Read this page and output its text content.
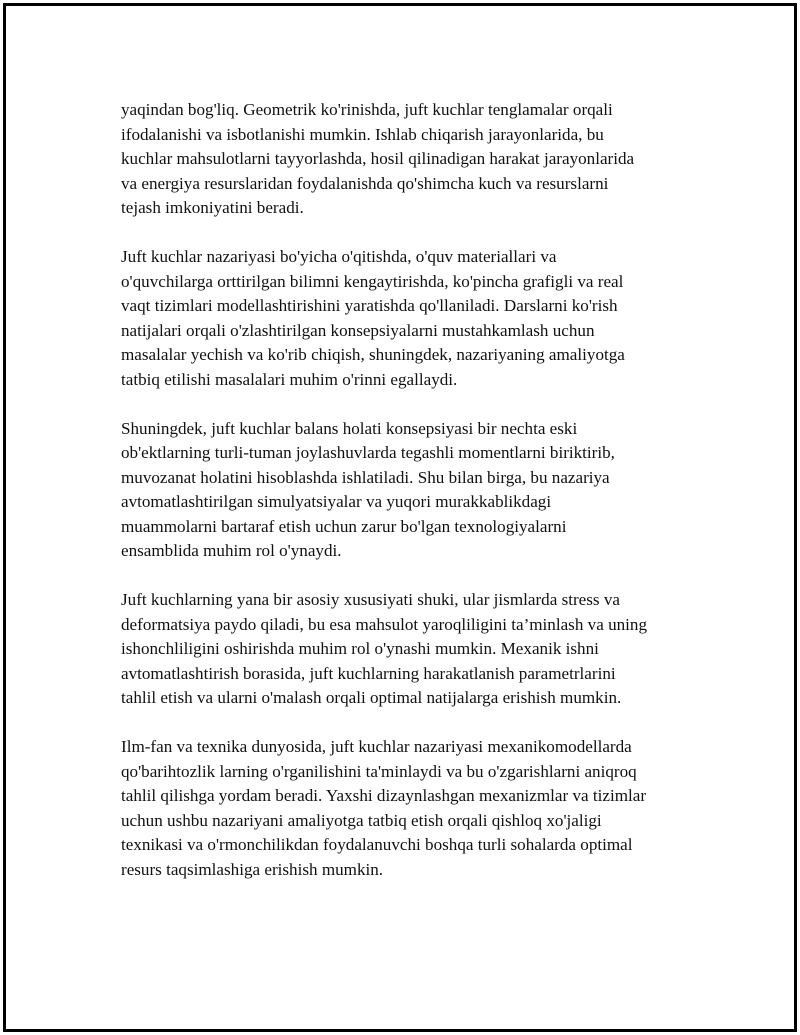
yaqindan bog'liq. Geometrik ko'rinishda, juft kuchlar tenglamalar orqali
ifodalanishi va isbotlanishi mumkin. Ishlab chiqarish jarayonlarida, bu
kuchlar mahsulotlarni tayyorlashda, hosil qilinadigan harakat jarayonlarida
va energiya resurslaridan foydalanishda qo'shimcha kuch va resurslarni
tejash imkoniyatini beradi.

Juft kuchlar nazariyasi bo'yicha o'qitishda, o'quv materiallari va
o'quvchilarga orttirilgan bilimni kengaytirishda, ko'pincha grafigli va real
vaqt tizimlari modellashtirishini yaratishda qo'llaniladi. Darslarni ko'rish
natijalari orqali o'zlashtirilgan konsepsiyalarni mustahkamlash uchun
masalalar yechish va ko'rib chiqish, shuningdek, nazariyaning amaliyotga
tatbiq etilishi masalalari muhim o'rinni egallaydi.

Shuningdek, juft kuchlar balans holati konsepsiyasi bir nechta eski
ob'ektlarning turli-tuman joylashuvlarda tegashli momentlarni biriktirib,
muvozanat holatini hisoblashda ishlatiladi. Shu bilan birga, bu nazariya
avtomatlashtirilgan simulyatsiyalar va yuqori murakkablikdagi
muammolarni bartaraf etish uchun zarur bo'lgan texnologiyalarni
ensamblida muhim rol o'ynaydi.

Juft kuchlarning yana bir asosiy xususiyati shuki, ular jismlarda stress va
deformatsiya paydo qiladi, bu esa mahsulot yaroqliligini ta’minlash va uning
ishonchliligini oshirishda muhim rol o'ynashi mumkin. Mexanik ishni
avtomatlashtirish borasida, juft kuchlarning harakatlanish parametrlarini
tahlil etish va ularni o'malash orqali optimal natijalarga erishish mumkin.

Ilm-fan va texnika dunyosida, juft kuchlar nazariyasi mexanikomodellarda
qo'barihtozlik larning o'rganilishini ta'minlaydi va bu o'zgarishlarni aniqroq
tahlil qilishga yordam beradi. Yaxshi dizaynlashgan mexanizmlar va tizimlar
uchun ushbu nazariyani amaliyotga tatbiq etish orqali qishloq xo'jaligi
texnikasi va o'rmonchilikdan foydalanuvchi boshqa turli sohalarda optimal
resurs taqsimlashiga erishish mumkin.
